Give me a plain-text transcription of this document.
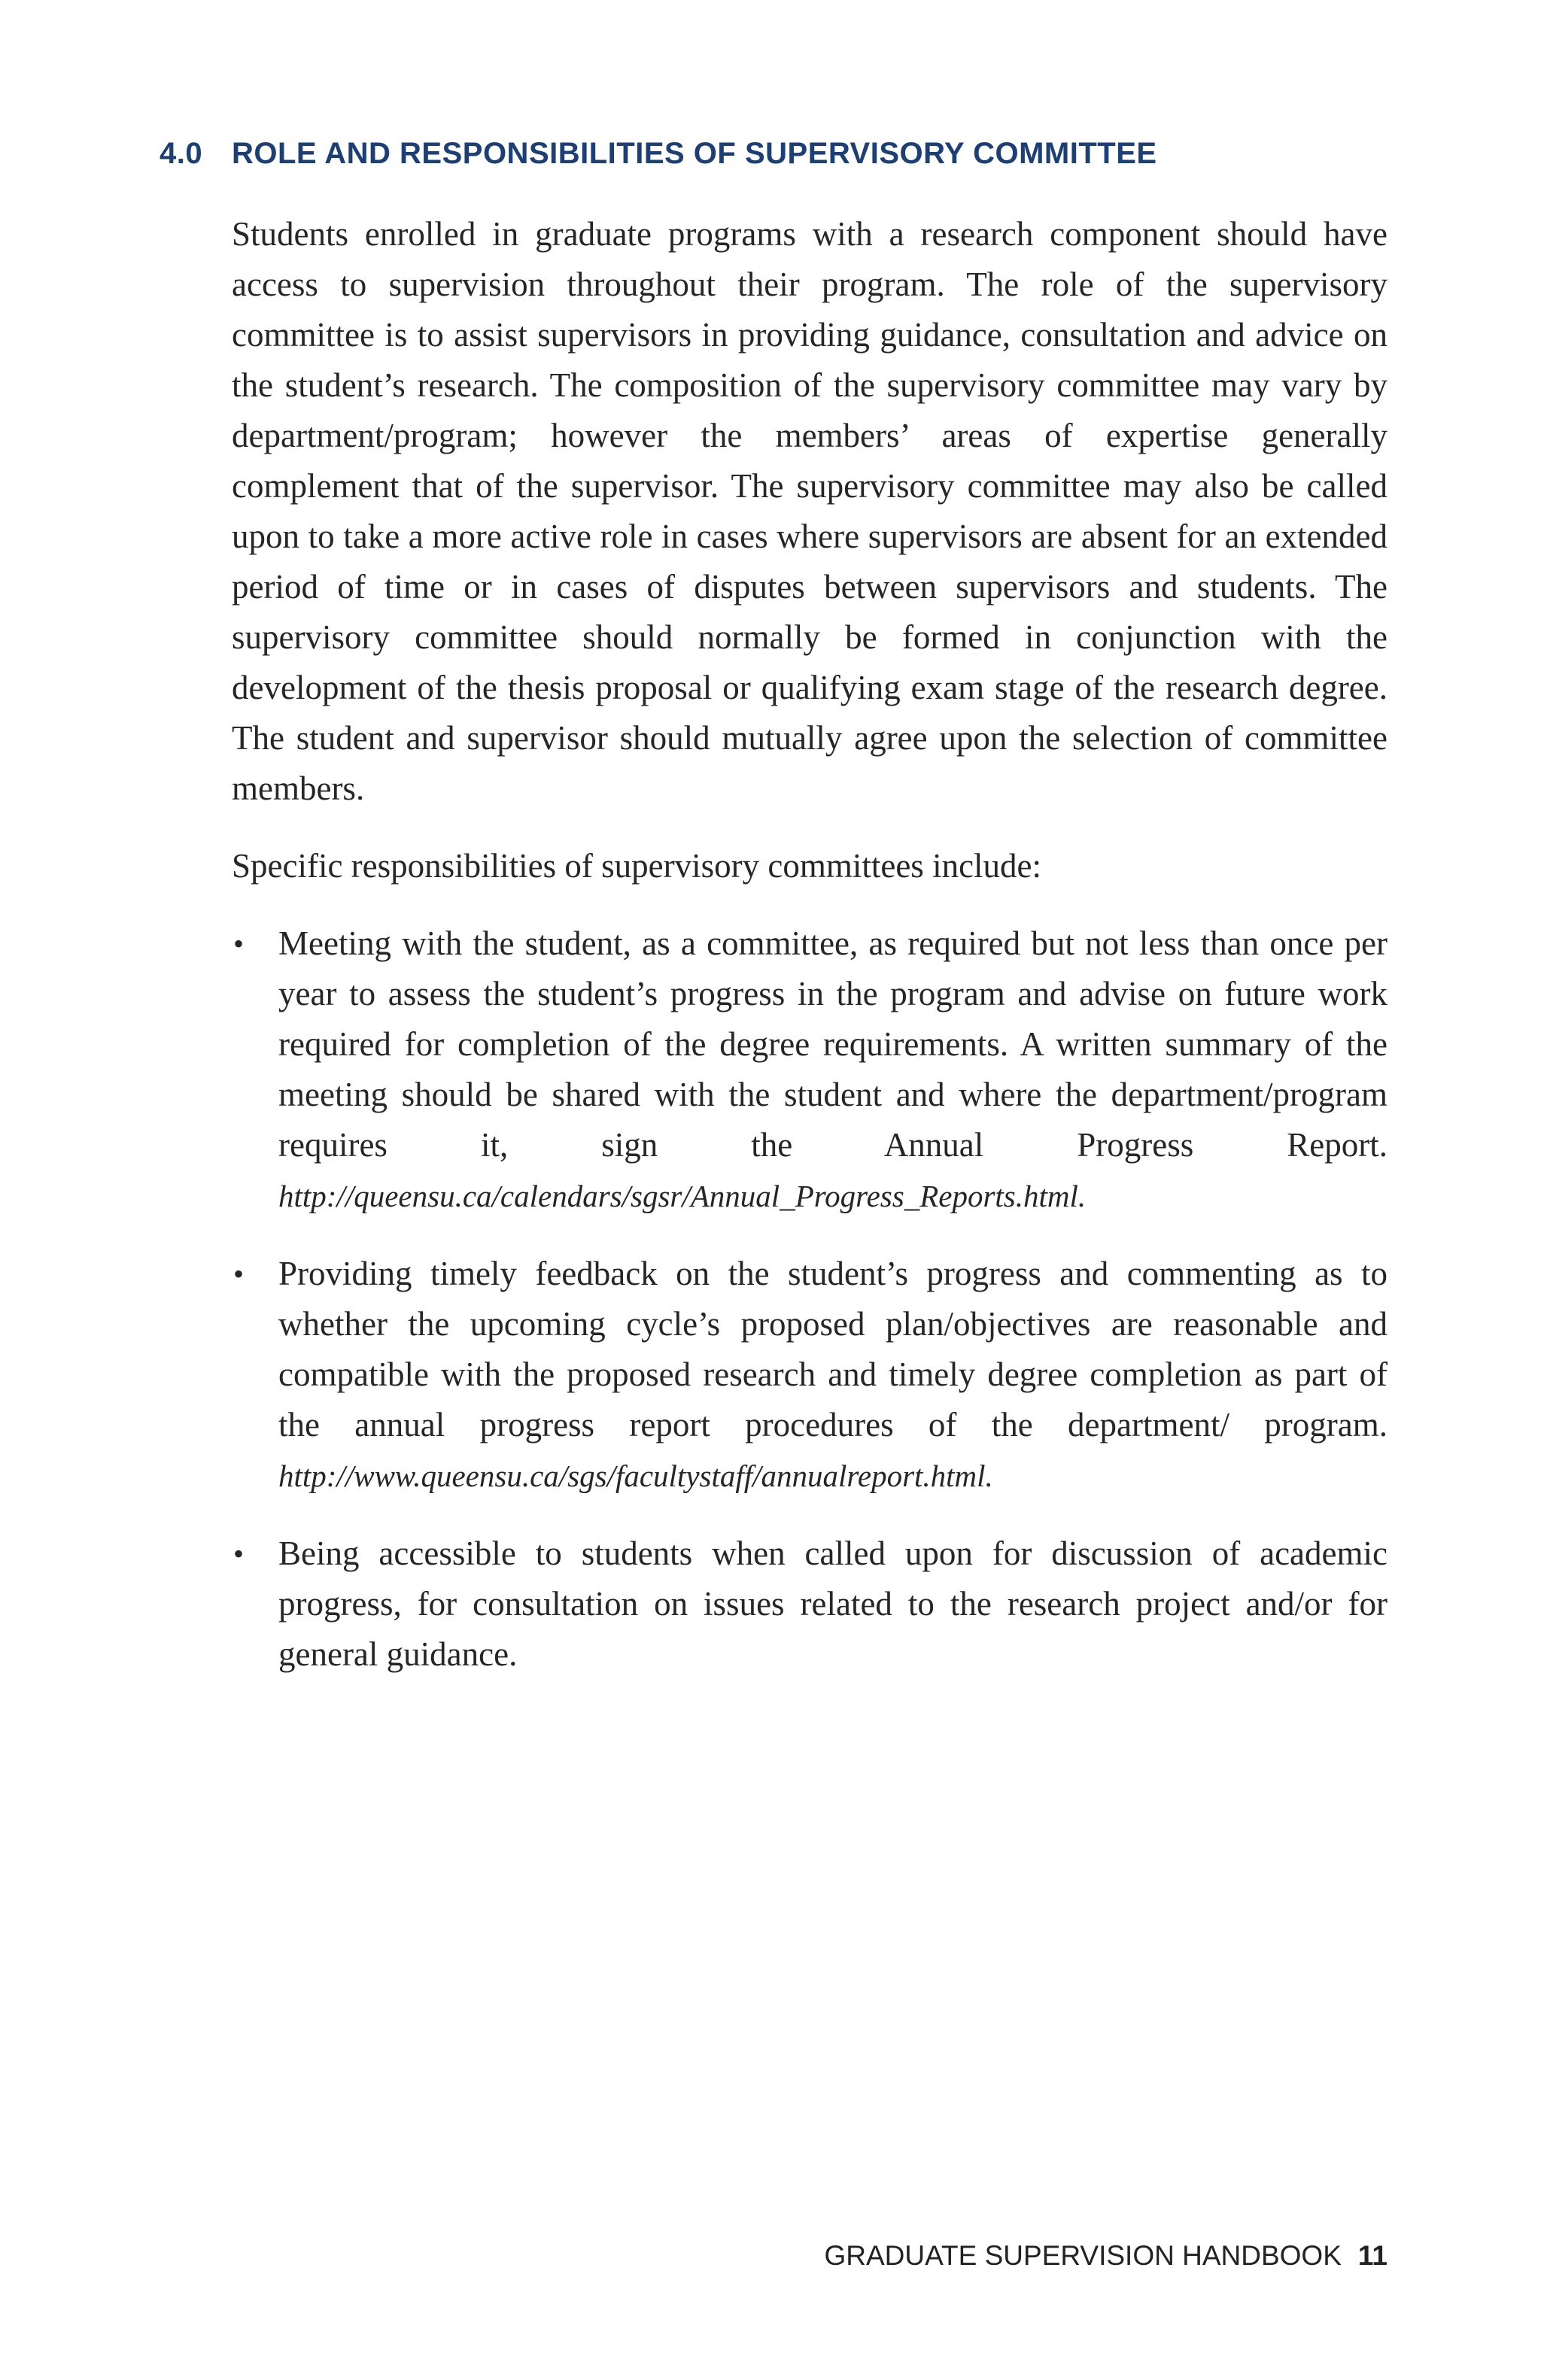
4.0 ROLE AND RESPONSIBILITIES OF SUPERVISORY COMMITTEE

Students enrolled in graduate programs with a research component should have access to supervision throughout their program. The role of the supervisory committee is to assist supervisors in providing guidance, consultation and advice on the student’s research. The composition of the supervisory committee may vary by department/program; however the members’ areas of expertise generally complement that of the supervisor. The supervisory committee may also be called upon to take a more active role in cases where supervisors are absent for an extended period of time or in cases of disputes between supervisors and students. The supervisory committee should normally be formed in conjunction with the development of the thesis proposal or qualifying exam stage of the research degree. The student and supervisor should mutually agree upon the selection of committee members.

Specific responsibilities of supervisory committees include:

• Meeting with the student, as a committee, as required but not less than once per year to assess the student’s progress in the program and advise on future work required for completion of the degree requirements. A written summary of the meeting should be shared with the student and where the department/program requires it, sign the Annual Progress Report. http://queensu.ca/calendars/sgsr/Annual_Progress_Reports.html.
• Providing timely feedback on the student’s progress and commenting as to whether the upcoming cycle’s proposed plan/objectives are reasonable and compatible with the proposed research and timely degree completion as part of the annual progress report procedures of the department/ program. http://www.queensu.ca/sgs/facultystaff/annualreport.html.
• Being accessible to students when called upon for discussion of academic progress, for consultation on issues related to the research project and/or for general guidance.
GRADUATE SUPERVISION HANDBOOK 11
